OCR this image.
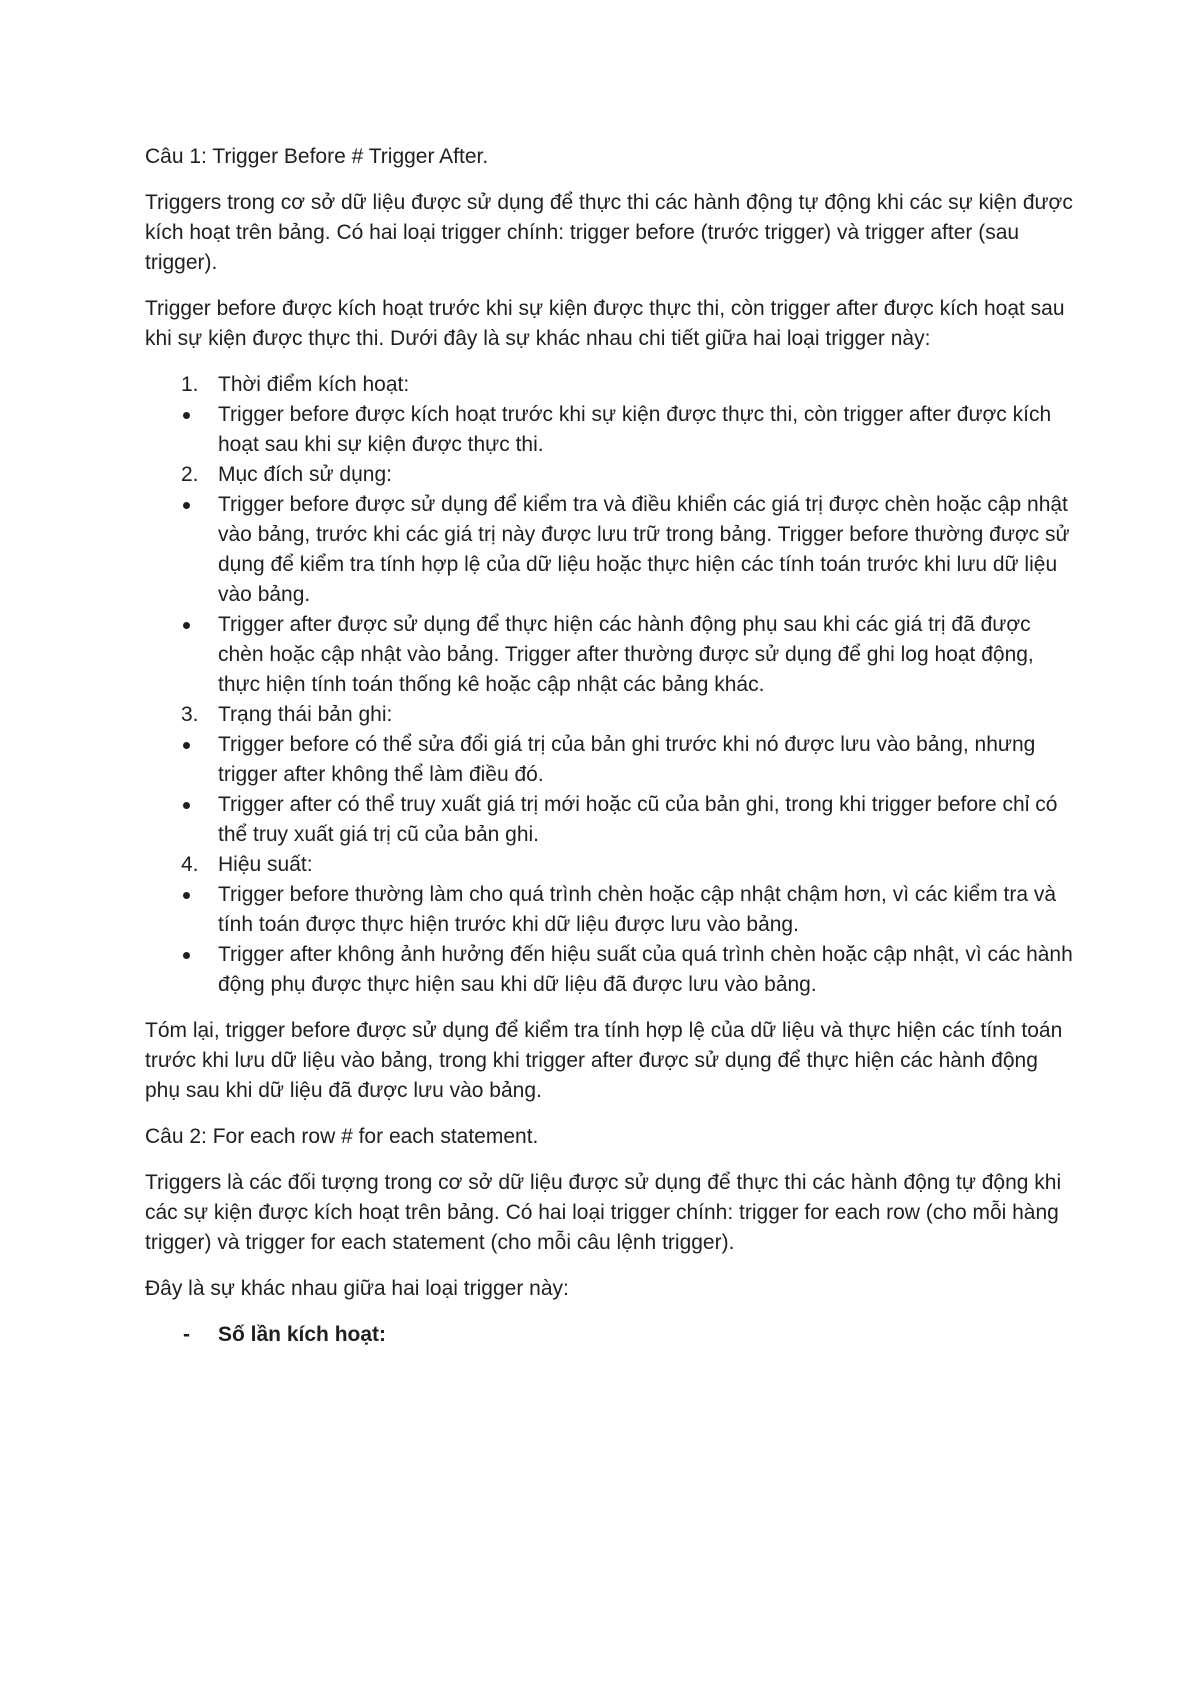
Câu 1: Trigger Before # Trigger After.

Triggers trong cơ sở dữ liệu được sử dụng để thực thi các hành động tự động khi các sự kiện được kích hoạt trên bảng. Có hai loại trigger chính: trigger before (trước trigger) và trigger after (sau trigger).

Trigger before được kích hoạt trước khi sự kiện được thực thi, còn trigger after được kích hoạt sau khi sự kiện được thực thi. Dưới đây là sự khác nhau chi tiết giữa hai loại trigger này:

1. Thời điểm kích hoạt:
Trigger before được kích hoạt trước khi sự kiện được thực thi, còn trigger after được kích hoạt sau khi sự kiện được thực thi.
2. Mục đích sử dụng:
Trigger before được sử dụng để kiểm tra và điều khiển các giá trị được chèn hoặc cập nhật vào bảng, trước khi các giá trị này được lưu trữ trong bảng. Trigger before thường được sử dụng để kiểm tra tính hợp lệ của dữ liệu hoặc thực hiện các tính toán trước khi lưu dữ liệu vào bảng.
Trigger after được sử dụng để thực hiện các hành động phụ sau khi các giá trị đã được chèn hoặc cập nhật vào bảng. Trigger after thường được sử dụng để ghi log hoạt động, thực hiện tính toán thống kê hoặc cập nhật các bảng khác.
3. Trạng thái bản ghi:
Trigger before có thể sửa đổi giá trị của bản ghi trước khi nó được lưu vào bảng, nhưng trigger after không thể làm điều đó.
Trigger after có thể truy xuất giá trị mới hoặc cũ của bản ghi, trong khi trigger before chỉ có thể truy xuất giá trị cũ của bản ghi.
4. Hiệu suất:
Trigger before thường làm cho quá trình chèn hoặc cập nhật chậm hơn, vì các kiểm tra và tính toán được thực hiện trước khi dữ liệu được lưu vào bảng.
Trigger after không ảnh hưởng đến hiệu suất của quá trình chèn hoặc cập nhật, vì các hành động phụ được thực hiện sau khi dữ liệu đã được lưu vào bảng.

Tóm lại, trigger before được sử dụng để kiểm tra tính hợp lệ của dữ liệu và thực hiện các tính toán trước khi lưu dữ liệu vào bảng, trong khi trigger after được sử dụng để thực hiện các hành động phụ sau khi dữ liệu đã được lưu vào bảng.

Câu 2: For each row # for each statement.

Triggers là các đối tượng trong cơ sở dữ liệu được sử dụng để thực thi các hành động tự động khi các sự kiện được kích hoạt trên bảng. Có hai loại trigger chính: trigger for each row (cho mỗi hàng trigger) và trigger for each statement (cho mỗi câu lệnh trigger).

Đây là sự khác nhau giữa hai loại trigger này:

- Số lần kích hoạt:
